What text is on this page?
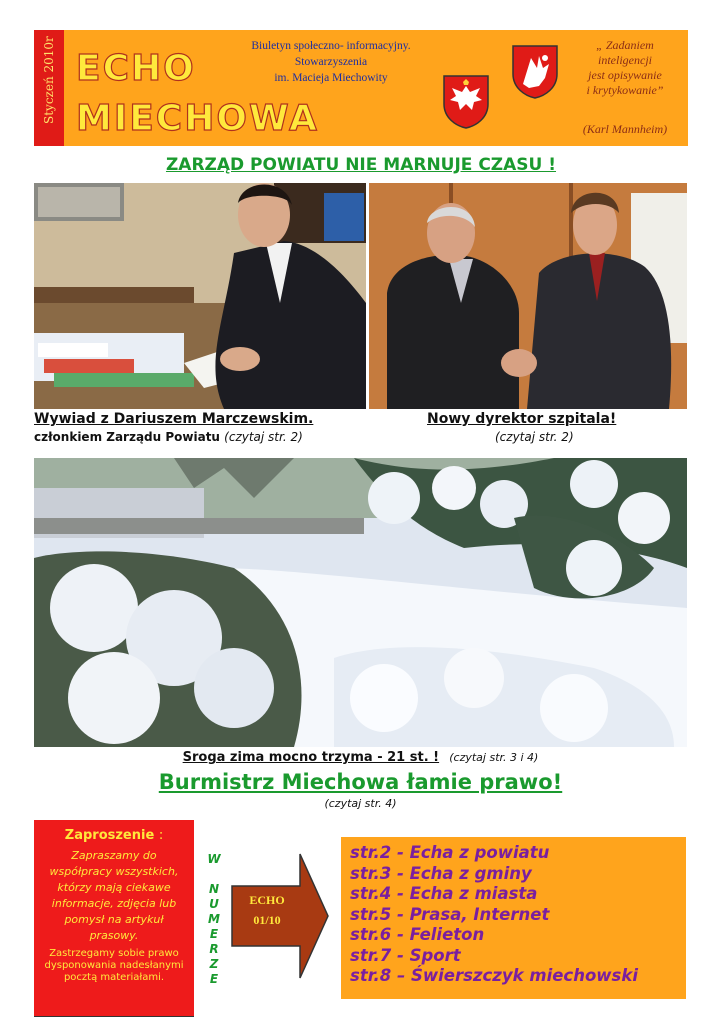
Styczeń 2010r ECHO
MIECHOWA
Biuletyn społeczno- informacyjny.
Stowarzyszenia
im. Macieja Miechowity
„ Zadaniem
inteligencji
jest opisywanie
i krytykowanie”
(Karl Mannheim)
ZARZĄD POWIATU NIE MARNUJE CZASU !
Wywiad z Dariuszem Marczewskim.
członkiem Zarządu Powiatu (czytaj str. 2)
Nowy dyrektor szpitala!
(czytaj str. 2)
Sroga zima mocno trzyma - 21 st. ! (czytaj str. 3 i 4)
Burmistrz Miechowa łamie prawo!
(czytaj str. 4)
Zaproszenie :
Zapraszamy do współpracy wszystkich, którzy mają ciekawe informacje, zdjęcia lub pomysł na artykuł prasowy.
Zastrzegamy sobie prawo dysponowania nadesłanymi pocztą materiałami.
W

N
U
M
E
R
Z
E
ECHO
01/10
str.2 - Echa z powiatu
str.3 - Echa z gminy
str.4 - Echa z miasta
str.5 - Prasa, Internet
str.6 - Felieton
str.7 - Sport
str.8 – Świerszczyk miechowski
